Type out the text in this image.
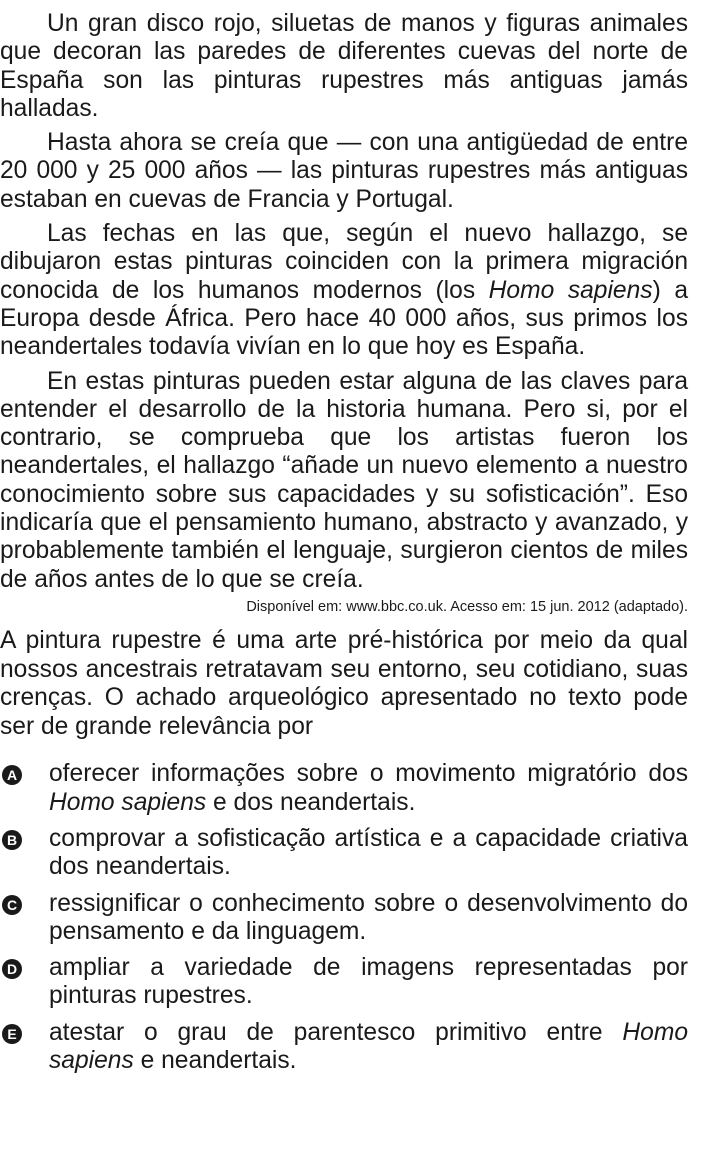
Un gran disco rojo, siluetas de manos y figuras animales que decoran las paredes de diferentes cuevas del norte de España son las pinturas rupestres más antiguas jamás halladas.

Hasta ahora se creía que — con una antigüedad de entre 20 000 y 25 000 años — las pinturas rupestres más antiguas estaban en cuevas de Francia y Portugal.

Las fechas en las que, según el nuevo hallazgo, se dibujaron estas pinturas coinciden con la primera migración conocida de los humanos modernos (los Homo sapiens) a Europa desde África. Pero hace 40 000 años, sus primos los neandertales todavía vivían en lo que hoy es España.

En estas pinturas pueden estar alguna de las claves para entender el desarrollo de la historia humana. Pero si, por el contrario, se comprueba que los artistas fueron los neandertales, el hallazgo “añade un nuevo elemento a nuestro conocimiento sobre sus capacidades y su sofisticación”. Eso indicaría que el pensamiento humano, abstracto y avanzado, y probablemente también el lenguaje, surgieron cientos de miles de años antes de lo que se creía.

Disponível em: www.bbc.co.uk. Acesso em: 15 jun. 2012 (adaptado).

A pintura rupestre é uma arte pré-histórica por meio da qual nossos ancestrais retratavam seu entorno, seu cotidiano, suas crenças. O achado arqueológico apresentado no texto pode ser de grande relevância por

A oferecer informações sobre o movimento migratório dos Homo sapiens e dos neandertais.
B comprovar a sofisticação artística e a capacidade criativa dos neandertais.
C ressignificar o conhecimento sobre o desenvolvimento do pensamento e da linguagem.
D ampliar a variedade de imagens representadas por pinturas rupestres.
E atestar o grau de parentesco primitivo entre Homo sapiens e neandertais.
